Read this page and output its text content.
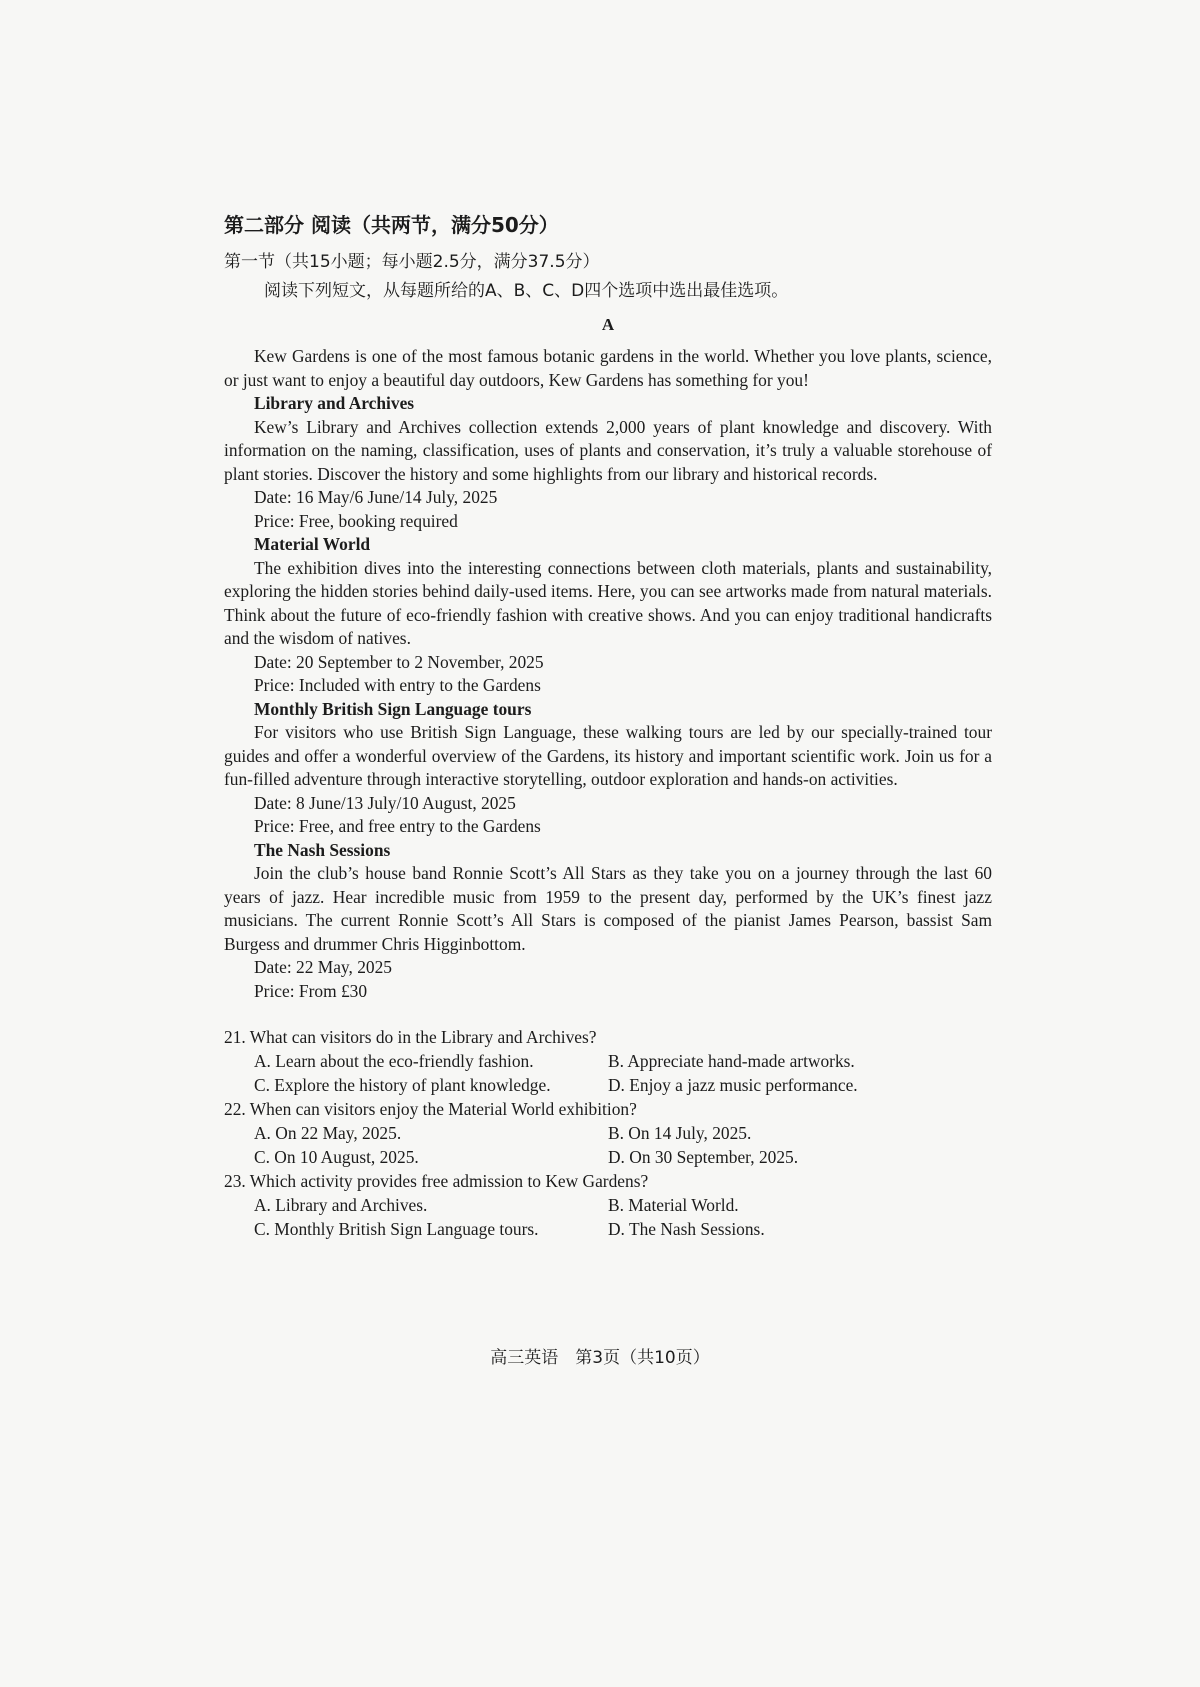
第二部分 阅读（共两节，满分50分）
第一节（共15小题；每小题2.5分，满分37.5分）
阅读下列短文，从每题所给的A、B、C、D四个选项中选出最佳选项。
A

Kew Gardens is one of the most famous botanic gardens in the world. Whether you love plants, science, or just want to enjoy a beautiful day outdoors, Kew Gardens has something for you!

Library and Archives

Kew’s Library and Archives collection extends 2,000 years of plant knowledge and discovery. With information on the naming, classification, uses of plants and conservation, it’s truly a valuable storehouse of plant stories. Discover the history and some highlights from our library and historical records.

Date: 16 May/6 June/14 July, 2025
Price: Free, booking required
Material World

The exhibition dives into the interesting connections between cloth materials, plants and sustainability, exploring the hidden stories behind daily-used items. Here, you can see artworks made from natural materials. Think about the future of eco-friendly fashion with creative shows. And you can enjoy traditional handicrafts and the wisdom of natives.

Date: 20 September to 2 November, 2025
Price: Included with entry to the Gardens
Monthly British Sign Language tours

For visitors who use British Sign Language, these walking tours are led by our specially-trained tour guides and offer a wonderful overview of the Gardens, its history and important scientific work. Join us for a fun-filled adventure through interactive storytelling, outdoor exploration and hands-on activities.

Date: 8 June/13 July/10 August, 2025
Price: Free, and free entry to the Gardens
The Nash Sessions

Join the club’s house band Ronnie Scott’s All Stars as they take you on a journey through the last 60 years of jazz. Hear incredible music from 1959 to the present day, performed by the UK’s finest jazz musicians. The current Ronnie Scott’s All Stars is composed of the pianist James Pearson, bassist Sam Burgess and drummer Chris Higginbottom.

Date: 22 May, 2025
Price: From £30
21. What can visitors do in the Library and Archives?
A. Learn about the eco-friendly fashion.	B. Appreciate hand-made artworks.
C. Explore the history of plant knowledge.	D. Enjoy a jazz music performance.
22. When can visitors enjoy the Material World exhibition?
A. On 22 May, 2025.	B. On 14 July, 2025.
C. On 10 August, 2025.	D. On 30 September, 2025.
23. Which activity provides free admission to Kew Gardens?
A. Library and Archives.	B. Material World.
C. Monthly British Sign Language tours.	D. The Nash Sessions.
高三英语　第3页（共10页）
